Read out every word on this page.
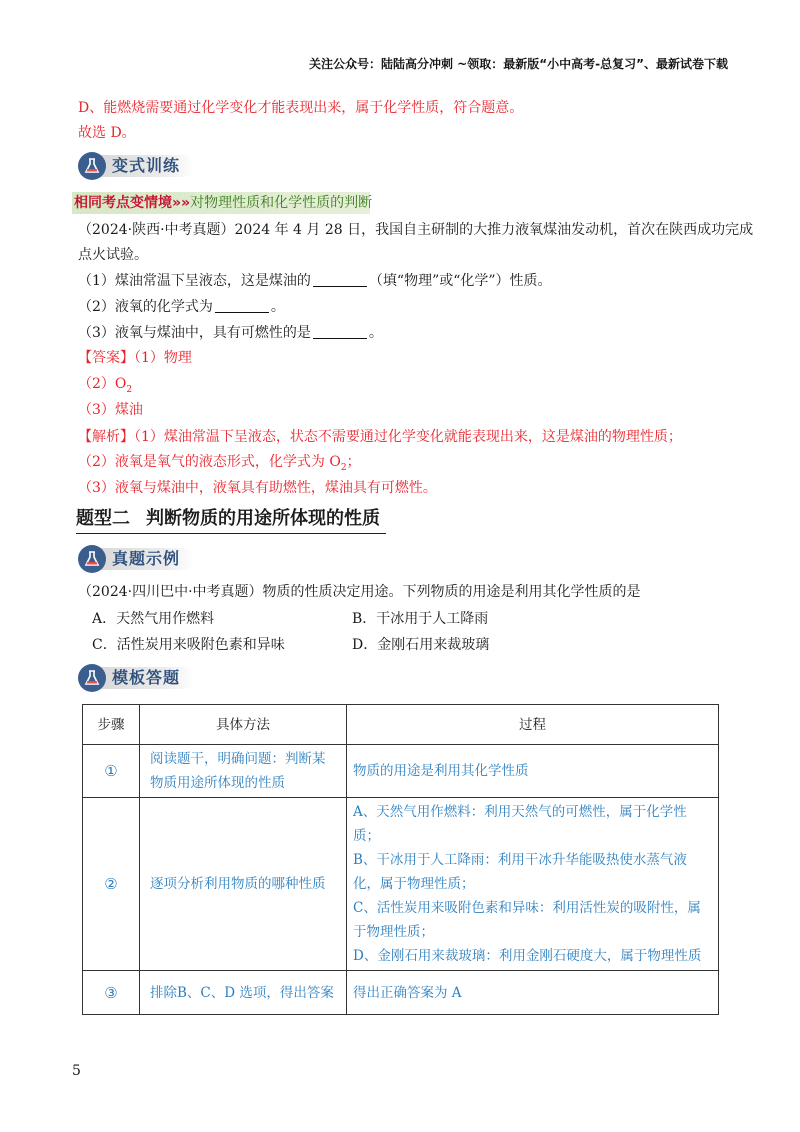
关注公众号：陆陆高分冲刺 ~领取：最新版“小中高考-总复习”、最新试卷下载
D、能燃烧需要通过化学变化才能表现出来，属于化学性质，符合题意。
故选 D。
变式训练
相同考点变情境»»对物理性质和化学性质的判断
（2024·陕西·中考真题）2024 年 4 月 28 日，我国自主研制的大推力液氧煤油发动机，首次在陕西成功完成
点火试验。
（1）煤油常温下呈液态，这是煤油的	（填“物理”或“化学”）性质。
（2）液氧的化学式为	。
（3）液氧与煤油中，具有可燃性的是	。
【答案】（1）物理
$(2)O_2$
（3）煤油
【解析】（1）煤油常温下呈液态，状态不需要通过化学变化就能表现出来，这是煤油的物理性质；
（2）液氧是氧气的液态形式，化学式为 $O_2$；
（3）液氧与煤油中，液氧具有助燃性，煤油具有可燃性。
题型二 判断物质的用途所体现的性质
真题示例
（2024·四川巴中·中考真题）物质的性质决定用途。下列物质的用途是利用其化学性质的是
A．天然气用作燃料	B．干冰用于人工降雨
C．活性炭用来吸附色素和异味	D．金刚石用来裁玻璃
模板答题
步骤	具体方法	过程
①	阅读题干，明确问题：判断某物质用途所体现的性质	物质的用途是利用其化学性质
②	逐项分析利用物质的哪种性质	A、天然气用作燃料：利用天然气的可燃性，属于化学性质；
B、干冰用于人工降雨：利用干冰升华能吸热使水蒸气液化，属于物理性质；
C、活性炭用来吸附色素和异味：利用活性炭的吸附性，属于物理性质；
D、金刚石用来裁玻璃：利用金刚石硬度大，属于物理性质

③	排除B、C、D 选项，得出答案	得出正确答案为 A
5
